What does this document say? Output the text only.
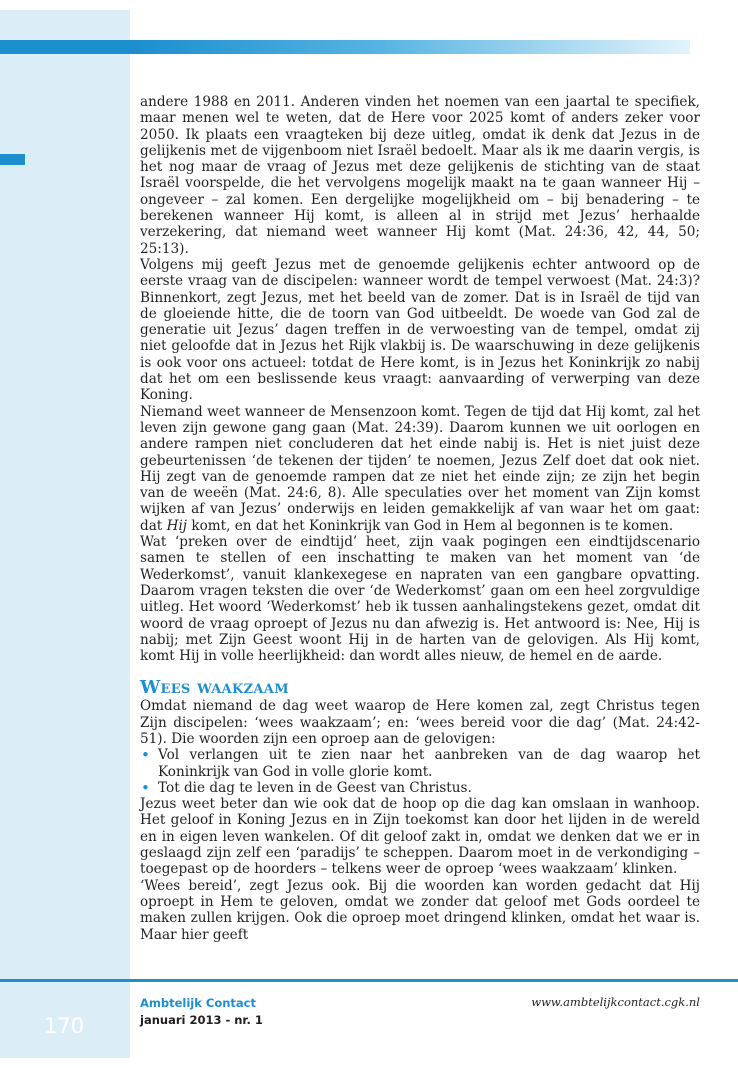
andere 1988 en 2011. Anderen vinden het noemen van een jaartal te specifiek, maar menen wel te weten, dat de Here voor 2025 komt of anders zeker voor 2050. Ik plaats een vraagteken bij deze uitleg, omdat ik denk dat Jezus in de gelijkenis met de vijgenboom niet Israël bedoelt. Maar als ik me daarin vergis, is het nog maar de vraag of Jezus met deze gelijkenis de stichting van de staat Israël voorspelde, die het vervolgens mogelijk maakt na te gaan wanneer Hij – ongeveer – zal komen. Een dergelijke mogelijkheid om – bij benadering – te berekenen wanneer Hij komt, is alleen al in strijd met Jezus’ herhaalde verzekering, dat niemand weet wanneer Hij komt (Mat. 24:36, 42, 44, 50; 25:13).

Volgens mij geeft Jezus met de genoemde gelijkenis echter antwoord op de eerste vraag van de discipelen: wanneer wordt de tempel verwoest (Mat. 24:3)? Binnenkort, zegt Jezus, met het beeld van de zomer. Dat is in Israël de tijd van de gloeiende hitte, die de toorn van God uitbeeldt. De woede van God zal de generatie uit Jezus’ dagen treffen in de verwoesting van de tempel, omdat zij niet geloofde dat in Jezus het Rijk vlakbij is. De waarschuwing in deze gelijkenis is ook voor ons actueel: totdat de Here komt, is in Jezus het Koninkrijk zo nabij dat het om een beslissende keus vraagt: aanvaarding of verwerping van deze Koning.

Niemand weet wanneer de Mensenzoon komt. Tegen de tijd dat Hij komt, zal het leven zijn gewone gang gaan (Mat. 24:39). Daarom kunnen we uit oorlogen en andere rampen niet concluderen dat het einde nabij is. Het is niet juist deze gebeurtenissen ‘de tekenen der tijden’ te noemen, Jezus Zelf doet dat ook niet. Hij zegt van de genoemde rampen dat ze niet het einde zijn; ze zijn het begin van de weeën (Mat. 24:6, 8). Alle speculaties over het moment van Zijn komst wijken af van Jezus’ onderwijs en leiden gemakkelijk af van waar het om gaat: dat Hij komt, en dat het Koninkrijk van God in Hem al begonnen is te komen.

Wat ‘preken over de eindtijd’ heet, zijn vaak pogingen een eindtijdscenario samen te stellen of een inschatting te maken van het moment van ‘de Wederkomst’, vanuit klankexegese en napraten van een gangbare opvatting. Daarom vragen teksten die over ‘de Wederkomst’ gaan om een heel zorgvuldige uitleg. Het woord ‘Wederkomst’ heb ik tussen aanhalingstekens gezet, omdat dit woord de vraag oproept of Jezus nu dan afwezig is. Het antwoord is: Nee, Hij is nabij; met Zijn Geest woont Hij in de harten van de gelovigen. Als Hij komt, komt Hij in volle heerlijkheid: dan wordt alles nieuw, de hemel en de aarde.

Wees waakzaam

Omdat niemand de dag weet waarop de Here komen zal, zegt Christus tegen Zijn discipelen: ‘wees waakzaam’; en: ‘wees bereid voor die dag’ (Mat. 24:42-51). Die woorden zijn een oproep aan de gelovigen:

• Vol verlangen uit te zien naar het aanbreken van de dag waarop het Koninkrijk van God in volle glorie komt.
• Tot die dag te leven in de Geest van Christus.

Jezus weet beter dan wie ook dat de hoop op die dag kan omslaan in wanhoop. Het geloof in Koning Jezus en in Zijn toekomst kan door het lijden in de wereld en in eigen leven wankelen. Of dit geloof zakt in, omdat we denken dat we er in geslaagd zijn zelf een ‘paradijs’ te scheppen. Daarom moet in de verkondiging – toegepast op de hoorders – telkens weer de oproep ‘wees waakzaam’ klinken.

‘Wees bereid’, zegt Jezus ook. Bij die woorden kan worden gedacht dat Hij oproept in Hem te geloven, omdat we zonder dat geloof met Gods oordeel te maken zullen krijgen. Ook die oproep moet dringend klinken, omdat het waar is. Maar hier geeft

170
Ambtelijk Contact
januari 2013 - nr. 1
www.ambtelijkcontact.cgk.nl
